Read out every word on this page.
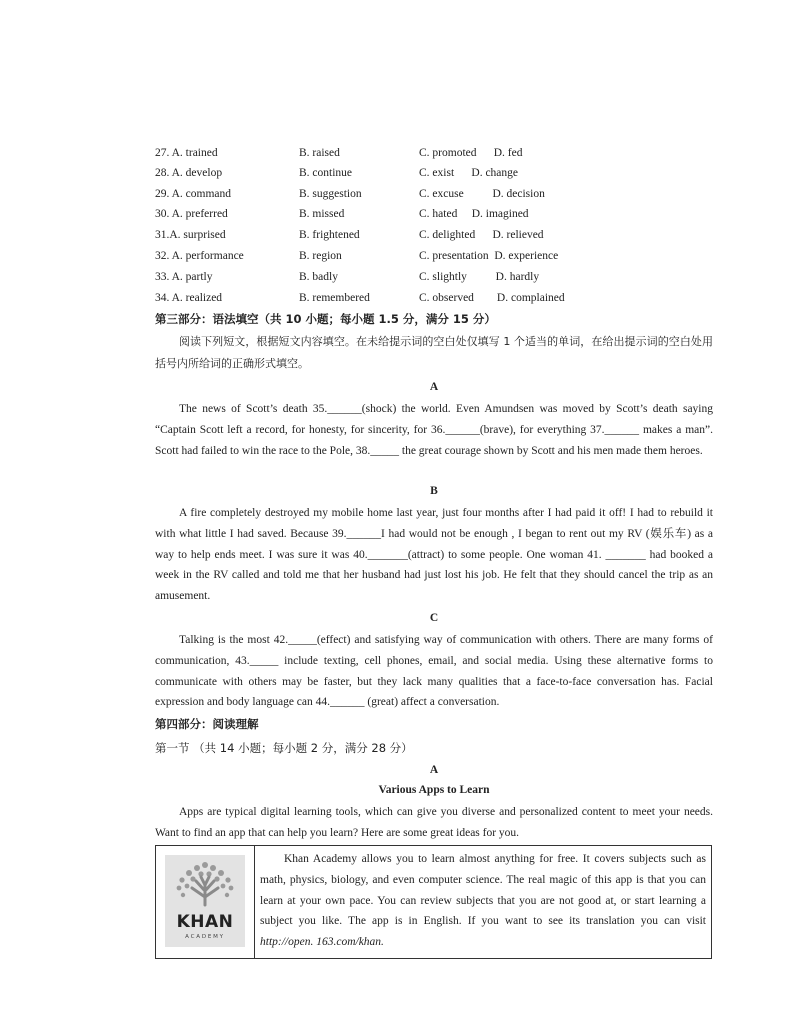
27. A. trained	B. raised	C. promoted      D. fed
28. A. develop	B. continue	C. exist      D. change
29. A. command	B. suggestion	C. excuse          D. decision
30. A. preferred	B. missed	C. hated     D. imagined
31.A. surprised	B. frightened	C. delighted      D. relieved
32. A. performance	B. region	C. presentation  D. experience
33. A. partly	B. badly	C. slightly          D. hardly
34. A. realized	B. remembered	C. observed        D. complained
第三部分：语法填空（共 10 小题；每小题 1.5 分，满分 15 分）

阅读下列短文，根据短文内容填空。在未给提示词的空白处仅填写 1 个适当的单词，在给出提示词的空白处用括号内所给词的正确形式填空。

A

The news of Scott’s death 35.______(shock) the world. Even Amundsen was moved by Scott’s death saying “Captain Scott left a record, for honesty, for sincerity, for 36.______(brave), for everything 37.______ makes a man”. Scott had failed to win the race to the Pole, 38._____ the great courage shown by Scott and his men made them heroes.

B

A fire completely destroyed my mobile home last year, just four months after I had paid it off! I had to rebuild it with what little I had saved. Because 39.______I had would not be enough , I began to rent out my RV (娱乐车) as a way to help ends meet. I was sure it was 40._______(attract) to some people. One woman 41. _______ had booked a week in the RV called and told me that her husband had just lost his job. He felt that they should cancel the trip as an amusement.

C

Talking is the most 42._____(effect) and satisfying way of communication with others. There are many forms of communication, 43._____ include texting, cell phones, email, and social media. Using these alternative forms to communicate with others may be faster, but they lack many qualities that a face-to-face conversation has. Facial expression and body language can 44.______ (great) affect a conversation.

第四部分：阅读理解
第一节 （共 14 小题；每小题 2 分，满分 28 分）
A
Various Apps to Learn

Apps are typical digital learning tools, which can give you diverse and personalized content to meet your needs. Want to find an app that can help you learn? Here are some great ideas for you.

KHAN
ACADEMY

Khan Academy allows you to learn almost anything for free. It covers subjects such as math, physics, biology, and even computer science. The real magic of this app is that you can learn at your own pace. You can review subjects that you are not good at, or start learning a subject you like. The app is in English. If you want to see its translation you can visit http://open. 163.com/khan.
